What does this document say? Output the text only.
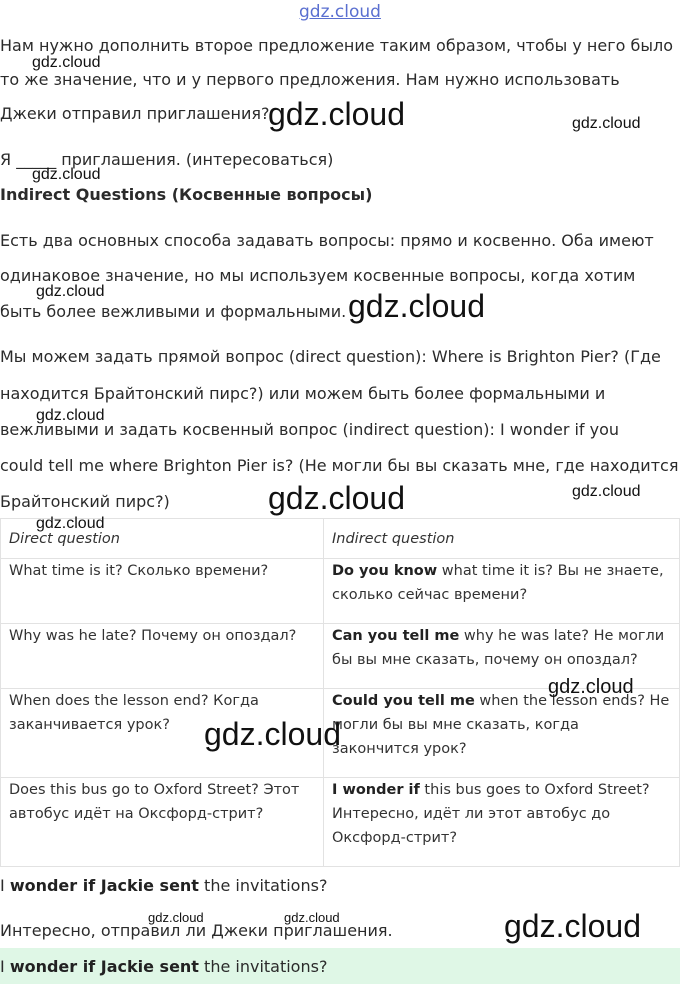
gdz.cloud
Нам нужно дополнить второе предложение таким образом, чтобы у него было
то же значение, что и у первого предложения. Нам нужно использовать
Джеки отправил приглашения?
Я _____ приглашения. (интересоваться)
Indirect Questions (Косвенные вопросы)
Есть два основных способа задавать вопросы: прямо и косвенно. Оба имеют
одинаковое значение, но мы используем косвенные вопросы, когда хотим
быть более вежливыми и формальными.
Мы можем задать прямой вопрос (direct question): Where is Brighton Pier? (Где
находится Брайтонский пирс?) или можем быть более формальными и
вежливыми и задать косвенный вопрос (indirect question): I wonder if you
could tell me where Brighton Pier is? (Не могли бы вы сказать мне, где находится
Брайтонский пирс?)
Direct question	Indirect question
What time is it? Сколько времени?	Do you know what time it is? Вы не знаете,
сколько сейчас времени?
Why was he late? Почему он опоздал?	Can you tell me why he was late? Не могли
бы вы мне сказать, почему он опоздал?
When does the lesson end? Когда
заканчивается урок?	Could you tell me when the lesson ends? Не
могли бы вы мне сказать, когда
закончится урок?
Does this bus go to Oxford Street? Этот
автобус идёт на Оксфорд-стрит?	I wonder if this bus goes to Oxford Street?
Интересно, идёт ли этот автобус до
Оксфорд-стрит?
I wonder if Jackie sent the invitations?
Интересно, отправил ли Джеки приглашения.
I wonder if Jackie sent the invitations?
gdz.cloud
gdz.cloud	gdz.cloud
gdz.cloud
gdz.cloud	gdz.cloud
gdz.cloud
gdz.cloud	gdz.cloud
gdz.cloud
gdz.cloud
gdz.cloud
gdz.cloud	gdz.cloud	gdz.cloud
